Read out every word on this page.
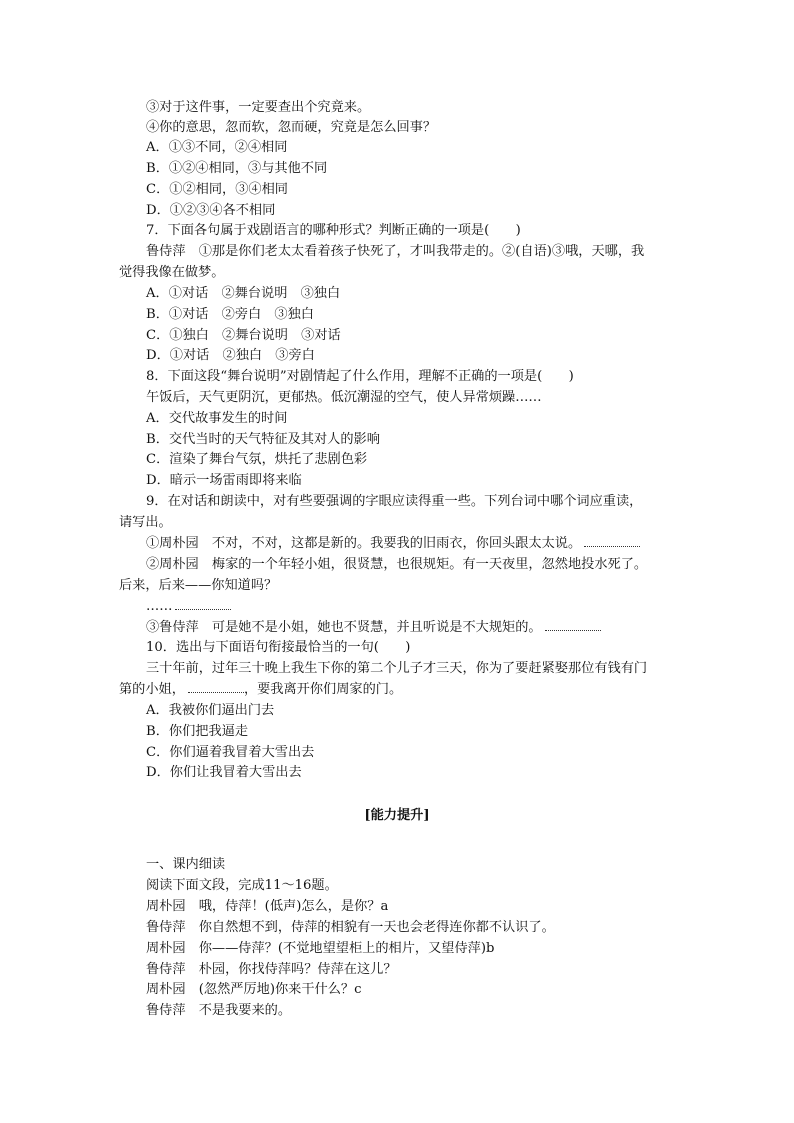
③对于这件事，一定要查出个究竟来。
④你的意思，忽而软，忽而硬，究竟是怎么回事？
A．①③不同，②④相同
B．①②④相同，③与其他不同
C．①②相同，③④相同
D．①②③④各不相同
7．下面各句属于戏剧语言的哪种形式？判断正确的一项是(　　)
鲁侍萍　①那是你们老太太看着孩子快死了，才叫我带走的。②(自语)③哦，天哪，我
觉得我像在做梦。
A．①对话　②舞台说明　③独白
B．①对话　②旁白　③独白
C．①独白　②舞台说明　③对话
D．①对话　②独白　③旁白
8．下面这段“舞台说明”对剧情起了什么作用，理解不正确的一项是(　　)
午饭后，天气更阴沉，更郁热。低沉潮湿的空气，使人异常烦躁……
A．交代故事发生的时间
B．交代当时的天气特征及其对人的影响
C．渲染了舞台气氛，烘托了悲剧色彩
D．暗示一场雷雨即将来临
9．在对话和朗读中，对有些要强调的字眼应读得重一些。下列台词中哪个词应重读，
请写出。
①周朴园　不对，不对，这都是新的。我要我的旧雨衣，你回头跟太太说。
②周朴园　梅家的一个年轻小姐，很贤慧，也很规矩。有一天夜里，忽然地投水死了。
后来，后来——你知道吗？
……
③鲁侍萍　可是她不是小姐，她也不贤慧，并且听说是不大规矩的。
10．选出与下面语句衔接最恰当的一句(　　)
三十年前，过年三十晚上我生下你的第二个儿子才三天，你为了要赶紧娶那位有钱有门
第的小姐，	，要我离开你们周家的门。
A．我被你们逼出门去
B．你们把我逼走
C．你们逼着我冒着大雪出去
D．你们让我冒着大雪出去
[能力提升]
一、课内细读
阅读下面文段，完成11～16题。
周朴园　哦，侍萍！(低声)怎么，是你？a
鲁侍萍　你自然想不到，侍萍的相貌有一天也会老得连你都不认识了。
周朴园　你——侍萍？(不觉地望望柜上的相片，又望侍萍)b
鲁侍萍　朴园，你找侍萍吗？侍萍在这儿？
周朴园　(忽然严厉地)你来干什么？c
鲁侍萍　不是我要来的。
